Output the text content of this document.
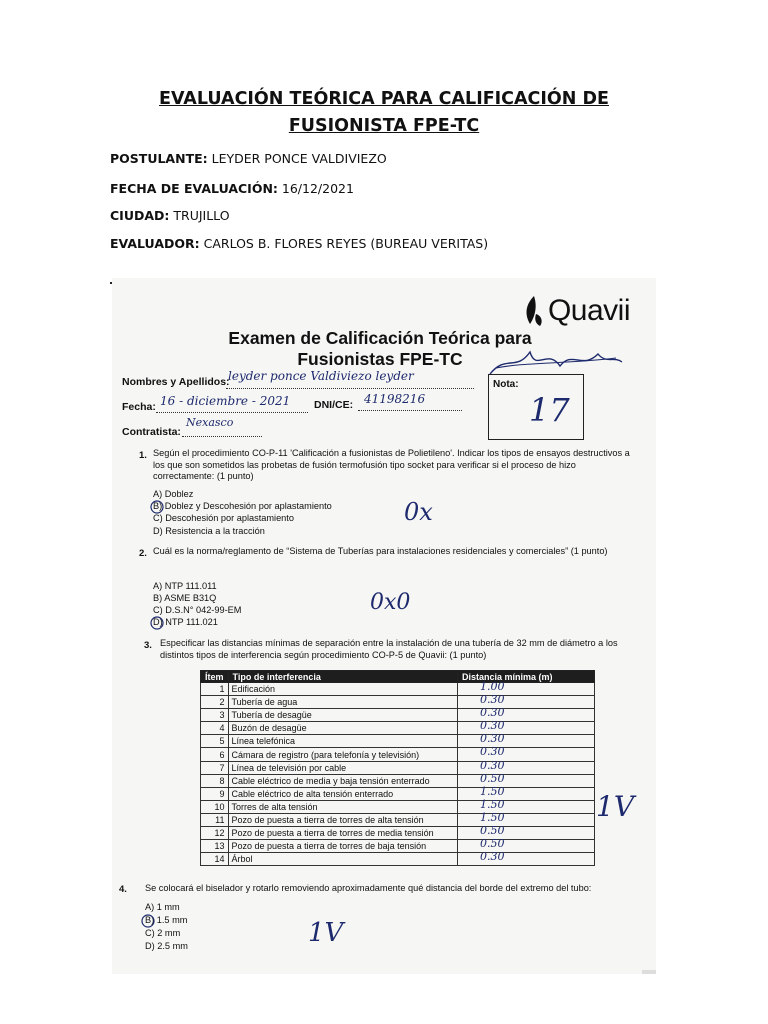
EVALUACIÓN TEÓRICA PARA CALIFICACIÓN DE FUSIONISTA FPE-TC
POSTULANTE: LEYDER PONCE VALDIVIEZO
FECHA DE EVALUACIÓN: 16/12/2021
CIUDAD: TRUJILLO
EVALUADOR: CARLOS B. FLORES REYES (BUREAU VERITAS)
Quavii
Examen de Calificación Teórica para Fusionistas FPE-TC
Nombres y Apellidos:
leyder ponce Valdiviezo leyder
Fecha: 16 - diciembre - 2021 DNI/CE: 41198216
Contratista:
Nexasco
Nota:
17
1. Según el procedimiento CO-P-11 'Calificación a fusionistas de Polietileno'. Indicar los tipos de ensayos destructivos a los que son sometidos las probetas de fusión termofusión tipo socket para verificar si el proceso de hizo correctamente: (1 punto)
A) Doblez
B) Doblez y Descohesión por aplastamiento
C) Descohesión por aplastamiento
D) Resistencia a la tracción
0x
2. Cuál es la norma/reglamento de “Sistema de Tuberías para instalaciones residenciales y comerciales” (1 punto)
A) NTP 111.011
B) ASME B31Q
C) D.S.N° 042-99-EM
D) NTP 111.021
0x0
3. Especificar las distancias mínimas de separación entre la instalación de una tubería de 32 mm de diámetro a los distintos tipos de interferencia según procedimiento CO-P-5 de Quavii: (1 punto)
Ítem	Tipo de interferencia	Distancia mínima (m)
1	Edificación	1.00

2	Tubería de agua	0.30

3	Tubería de desagüe	0.30

4	Buzón de desagüe	0.30

5	Línea telefónica	0.30

6	Cámara de registro (para telefonía y televisión)	0.30

7	Línea de televisión por cable	0.30

8	Cable eléctrico de media y baja tensión enterrado	0.50

9	Cable eléctrico de alta tensión enterrado	1.50

10	Torres de alta tensión	1.50

11	Pozo de puesta a tierra de torres de alta tensión	1.50

12	Pozo de puesta a tierra de torres de media tensión	0.50

13	Pozo de puesta a tierra de torres de baja tensión	0.50

14	Árbol	0.30
1V
4. Se colocará el biselador y rotarlo removiendo aproximadamente qué distancia del borde del extremo del tubo:
A) 1 mm
B) 1.5 mm
C) 2 mm
D) 2.5 mm	1V
